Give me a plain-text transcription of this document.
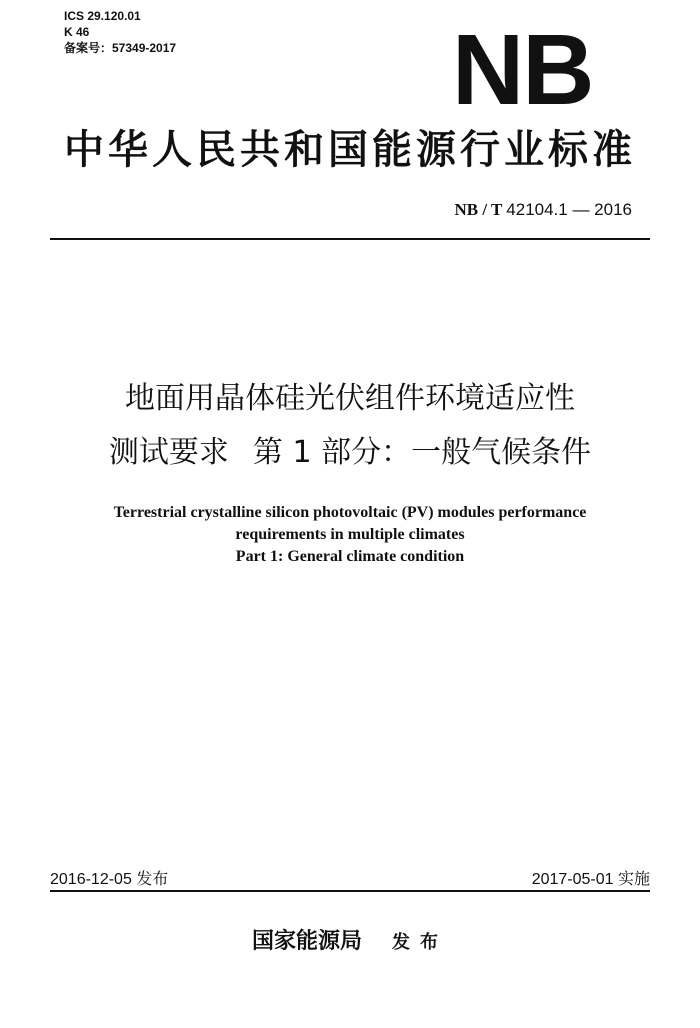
ICS 29.120.01
K 46
备案号：57349-2017	NB
中华人民共和国能源行业标准
NB / T 42104.1 — 2016
地面用晶体硅光伏组件环境适应性
测试要求 第 1 部分：一般气候条件
Terrestrial crystalline silicon photovoltaic (PV) modules performance
requirements in multiple climates
Part 1: General climate condition
2016-12-05 发布	2017-05-01 实施
国家能源局 发布
